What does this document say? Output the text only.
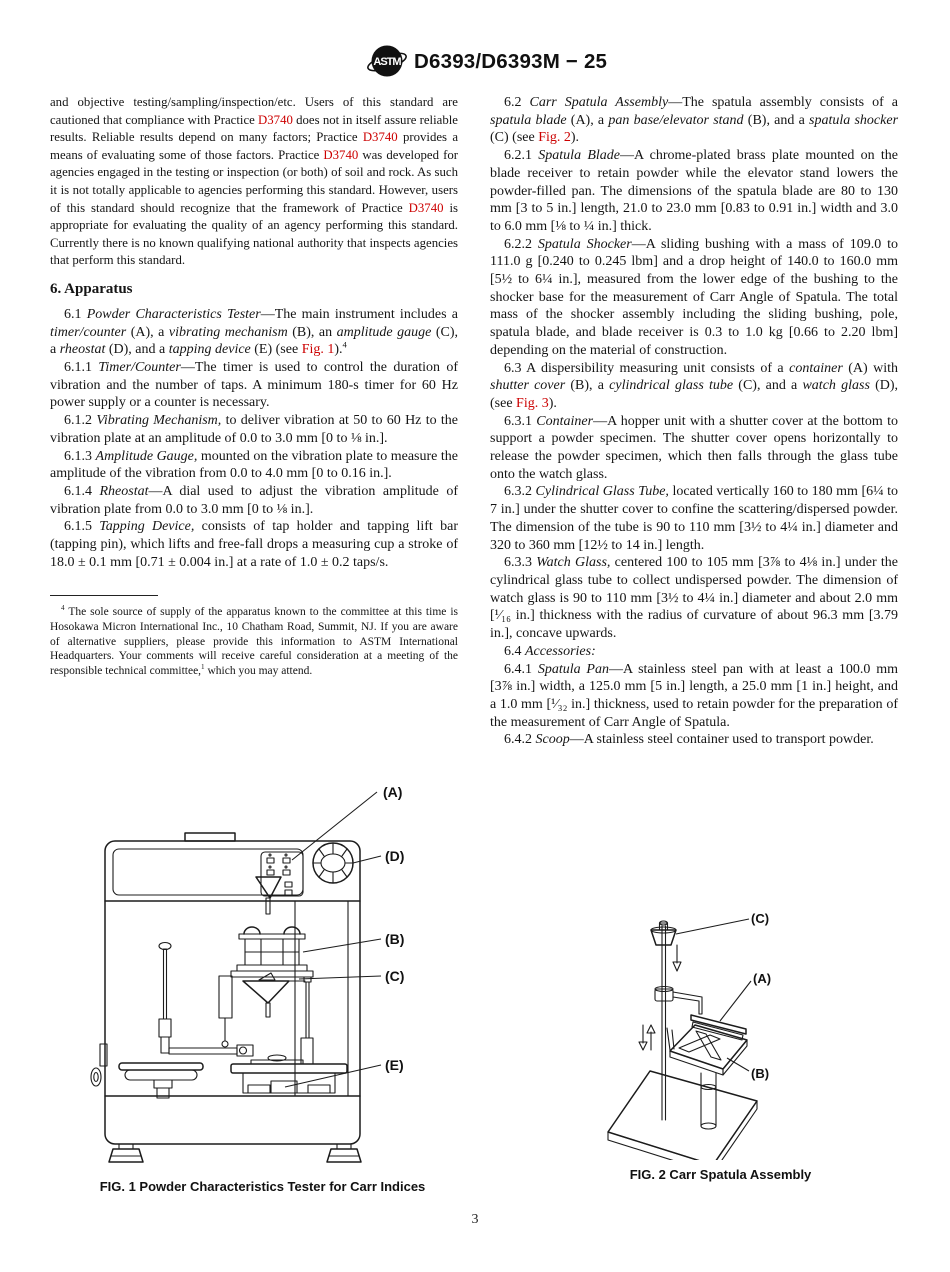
ASTM D6393/D6393M − 25

and objective testing/sampling/inspection/etc. Users of this standard are cautioned that compliance with Practice D3740 does not in itself assure reliable results. Reliable results depend on many factors; Practice D3740 provides a means of evaluating some of those factors. Practice D3740 was developed for agencies engaged in the testing or inspection (or both) of soil and rock. As such it is not totally applicable to agencies performing this standard. However, users of this standard should recognize that the framework of Practice D3740 is appropriate for evaluating the quality of an agency performing this standard. Currently there is no known qualifying national authority that inspects agencies that perform this standard.

6. Apparatus

6.1 Powder Characteristics Tester—The main instrument includes a timer/counter (A), a vibrating mechanism (B), an amplitude gauge (C), a rheostat (D), and a tapping device (E) (see Fig. 1).$^4$

6.1.1 Timer/Counter—The timer is used to control the duration of vibration and the number of taps. A minimum 180-s timer for 60 Hz power supply or a counter is necessary.

6.1.2 Vibrating Mechanism, to deliver vibration at 50 to 60 Hz to the vibration plate at an amplitude of 0.0 to 3.0 mm [0 to ⅛ in.].

6.1.3 Amplitude Gauge, mounted on the vibration plate to measure the amplitude of the vibration from 0.0 to 4.0 mm [0 to 0.16 in.].

6.1.4 Rheostat—A dial used to adjust the vibration amplitude of vibration plate from 0.0 to 3.0 mm [0 to ⅛ in.].

6.1.5 Tapping Device, consists of tap holder and tapping lift bar (tapping pin), which lifts and free-fall drops a measuring cup a stroke of 18.0 ± 0.1 mm [0.71 ± 0.004 in.] at a rate of 1.0 ± 0.2 taps/s.

$^4$ The sole source of supply of the apparatus known to the committee at this time is Hosokawa Micron International Inc., 10 Chatham Road, Summit, NJ. If you are aware of alternative suppliers, please provide this information to ASTM International Headquarters. Your comments will receive careful consideration at a meeting of the responsible technical committee,$^1$ which you may attend.

6.2 Carr Spatula Assembly—The spatula assembly consists of a spatula blade (A), a pan base/elevator stand (B), and a spatula shocker (C) (see Fig. 2).

6.2.1 Spatula Blade—A chrome-plated brass plate mounted on the blade receiver to retain powder while the elevator stand lowers the powder-filled pan. The dimensions of the spatula blade are 80 to 130 mm [3 to 5 in.] length, 21.0 to 23.0 mm [0.83 to 0.91 in.] width and 3.0 to 6.0 mm [⅛ to ¼ in.] thick.

6.2.2 Spatula Shocker—A sliding bushing with a mass of 109.0 to 111.0 g [0.240 to 0.245 lbm] and a drop height of 140.0 to 160.0 mm [5½ to 6¼ in.], measured from the lower edge of the bushing to the shocker base for the measurement of Carr Angle of Spatula. The total mass of the shocker assembly including the sliding bushing, pole, spatula blade, and blade receiver is 0.3 to 1.0 kg [0.66 to 2.20 lbm] depending on the material of construction.

6.3 A dispersibility measuring unit consists of a container (A) with shutter cover (B), a cylindrical glass tube (C), and a watch glass (D), (see Fig. 3).

6.3.1 Container—A hopper unit with a shutter cover at the bottom to support a powder specimen. The shutter cover opens horizontally to release the powder specimen, which then falls through the glass tube onto the watch glass.

6.3.2 Cylindrical Glass Tube, located vertically 160 to 180 mm [6¼ to 7 in.] under the shutter cover to confine the scattering/dispersed powder. The dimension of the tube is 90 to 110 mm [3½ to 4¼ in.] diameter and 320 to 360 mm [12½ to 14 in.] length.

6.3.3 Watch Glass, centered 100 to 105 mm [3⅞ to 4⅛ in.] under the cylindrical glass tube to collect undispersed powder. The dimension of watch glass is 90 to 110 mm [3½ to 4¼ in.] diameter and about 2.0 mm [¹⁄₁₆ in.] thickness with the radius of curvature of about 96.3 mm [3.79 in.], concave upwards.

6.4 Accessories:

6.4.1 Spatula Pan—A stainless steel pan with at least a 100.0 mm [3⅞ in.] width, a 125.0 mm [5 in.] length, a 25.0 mm [1 in.] height, and a 1.0 mm [¹⁄₃₂ in.] thickness, used to retain powder for the preparation of the measurement of Carr Angle of Spatula.

6.4.2 Scoop—A stainless steel container used to transport powder.

(A)
(D)
(B)
(C)
(E)
FIG. 1 Powder Characteristics Tester for Carr Indices
(C)
(A)
(B)
FIG. 2 Carr Spatula Assembly
3
